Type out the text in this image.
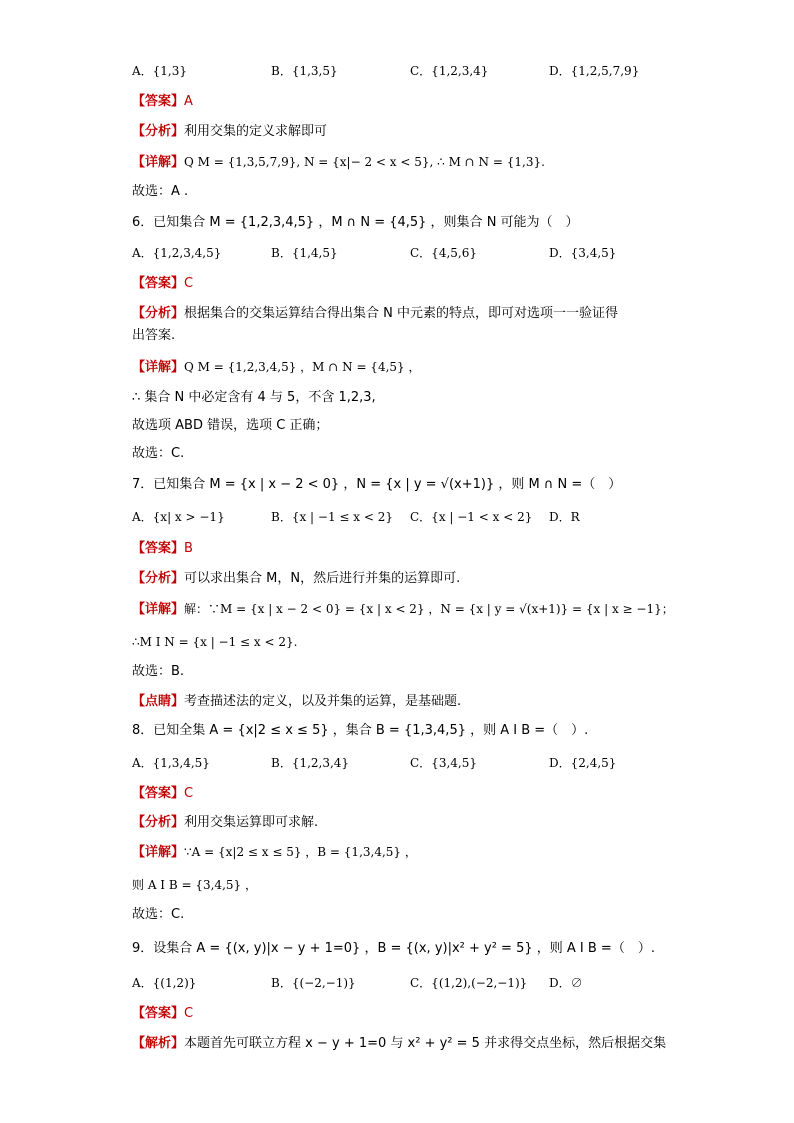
A．{1,3}	B．{1,3,5}	C．{1,2,3,4}	D．{1,2,5,7,9}
【答案】A
【分析】利用交集的定义求解即可
【详解】Q M = {1,3,5,7,9}, N = {x|− 2 < x < 5}, ∴ M ∩ N = {1,3}.
故选：A .
6．已知集合 M = {1,2,3,4,5} ，M ∩ N = {4,5} ，则集合 N 可能为（　）
A．{1,2,3,4,5}	B．{1,4,5}	C．{4,5,6}	D．{3,4,5}
【答案】C
【分析】根据集合的交集运算结合得出集合 N 中元素的特点，即可对选项一一验证得
出答案.
【详解】Q M = {1,2,3,4,5} ，M ∩ N = {4,5} ，
∴ 集合 N 中必定含有 4 与 5，不含 1,2,3,
故选项 ABD 错误，选项 C 正确；
故选：C.
7．已知集合 M = {x | x − 2 < 0} ，N = {x | y = √(x+1)} ，则 M ∩ N =（　）
A．{x| x > −1}	B．{x | −1 ≤ x < 2} C．{x | −1 < x < 2} D．R
【答案】B
【分析】可以求出集合 M，N，然后进行并集的运算即可.
【详解】解：∵M = {x | x − 2 < 0} = {x | x < 2} ，N = {x | y = √(x+1)} = {x | x ≥ −1}；
∴M I N = {x | −1 ≤ x < 2}.
故选：B.
【点睛】考查描述法的定义，以及并集的运算，是基础题.
8．已知全集 A = {x|2 ≤ x ≤ 5} ，集合 B = {1,3,4,5} ，则 A I B =（　）.
A．{1,3,4,5}	B．{1,2,3,4}	C．{3,4,5}	D．{2,4,5}
【答案】C
【分析】利用交集运算即可求解.
【详解】∵A = {x|2 ≤ x ≤ 5} ，B = {1,3,4,5} ，
则 A I B = {3,4,5} ，
故选：C.
9．设集合 A = {(x, y)|x − y + 1=0} ，B = {(x, y)|x² + y² = 5} ，则 A I B =（　）.
A．{(1,2)}	B．{(−2,−1)}	C．{(1,2),(−2,−1)} D．∅
【答案】C
【解析】本题首先可联立方程 x − y + 1=0 与 x² + y² = 5 并求得交点坐标，然后根据交集
